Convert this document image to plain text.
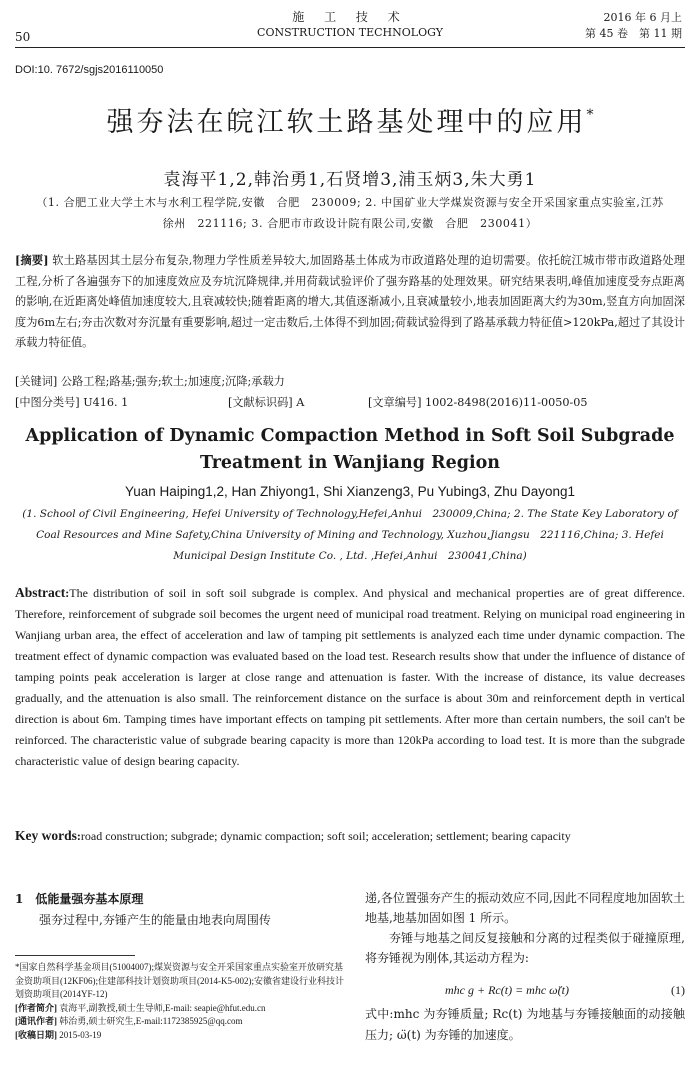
50
施 工 技 术
CONSTRUCTION TECHNOLOGY
2016 年 6 月上
第 45 卷　第 11 期
DOI:10. 7672/sgjs2016110050
强夯法在皖江软土路基处理中的应用*
袁海平1,2,韩治勇1,石贤增3,浦玉炳3,朱大勇1
（1. 合肥工业大学土木与水利工程学院,安徽　合肥　230009; 2. 中国矿业大学煤炭资源与安全开采国家重点实验室,江苏　徐州　221116; 3. 合肥市市政设计院有限公司,安徽　合肥　230041）
[摘要] 软土路基因其土层分布复杂,物理力学性质差异较大,加固路基土体成为市政道路处理的迫切需要。依托皖江城市带市政道路处理工程,分析了各遍强夯下的加速度效应及夯坑沉降规律,并用荷载试验评价了强夯路基的处理效果。研究结果表明,峰值加速度受夯点距离的影响,在近距离处峰值加速度较大,且衰减较快;随着距离的增大,其值逐渐减小,且衰减量较小,地表加固距离大约为30m,竖直方向加固深度为6m左右;夯击次数对夯沉量有重要影响,超过一定击数后,土体得不到加固;荷载试验得到了路基承载力特征值>120kPa,超过了其设计承载力特征值。
[关键词] 公路工程;路基;强夯;软土;加速度;沉降;承载力
[中图分类号] U416. 1	[文献标识码] A	[文章编号] 1002-8498(2016)11-0050-05
Application of Dynamic Compaction Method in Soft Soil Subgrade Treatment in Wanjiang Region
Yuan Haiping1,2, Han Zhiyong1, Shi Xianzeng3, Pu Yubing3, Zhu Dayong1
(1. School of Civil Engineering, Hefei University of Technology,Hefei,Anhui　230009,China; 2. The State Key Laboratory of Coal Resources and Mine Safety,China University of Mining and Technology, Xuzhou,Jiangsu　221116,China; 3. Hefei Municipal Design Institute Co. , Ltd. ,Hefei,Anhui　230041,China)
Abstract:The distribution of soil in soft soil subgrade is complex. And physical and mechanical properties are of great difference. Therefore, reinforcement of subgrade soil becomes the urgent need of municipal road treatment. Relying on municipal road engineering in Wanjiang urban area, the effect of acceleration and law of tamping pit settlements is analyzed each time under dynamic compaction. The treatment effect of dynamic compaction was evaluated based on the load test. Research results show that under the influence of distance of tamping points peak acceleration is larger at close range and attenuation is faster. With the increase of distance, its value decreases gradually, and the attenuation is also small. The reinforcement distance on the surface is about 30m and reinforcement depth in vertical direction is about 6m. Tamping times have important effects on tamping pit settlements. After more than certain numbers, the soil can't be reinforced. The characteristic value of subgrade bearing capacity is more than 120kPa according to load test. It is more than the subgrade characteristic value of design bearing capacity.
Key words:road construction; subgrade; dynamic compaction; soft soil; acceleration; settlement; bearing capacity
1　低能量强夯基本原理
强夯过程中,夯锤产生的能量由地表向周围传
*国家自然科学基金项目(51004007);煤炭资源与安全开采国家重点实验室开放研究基金资助项目(12KF06);住建部科技计划资助项目(2014-K5-002);安徽省建设行业科技计划资助项目(2014YF-12)
[作者简介] 袁海平,副教授,硕士生导师,E-mail: seapie@hfut.edu.cn
[通讯作者] 韩治勇,硕士研究生,E-mail:1172385925@qq.com
[收稿日期] 2015-03-19

递,各位置强夯产生的振动效应不同,因此不同程度地加固软土地基,地基加固如图 1 所示。

夯锤与地基之间反复接触和分离的过程类似于碰撞原理,将夯锤视为刚体,其运动方程为:

mhc g + Rc(t) = mhc ω̈(t)	(1)
式中:mhc 为夯锤质量; Rc(t) 为地基与夯锤接触面的动接触压力; ω̈(t) 为夯锤的加速度。
